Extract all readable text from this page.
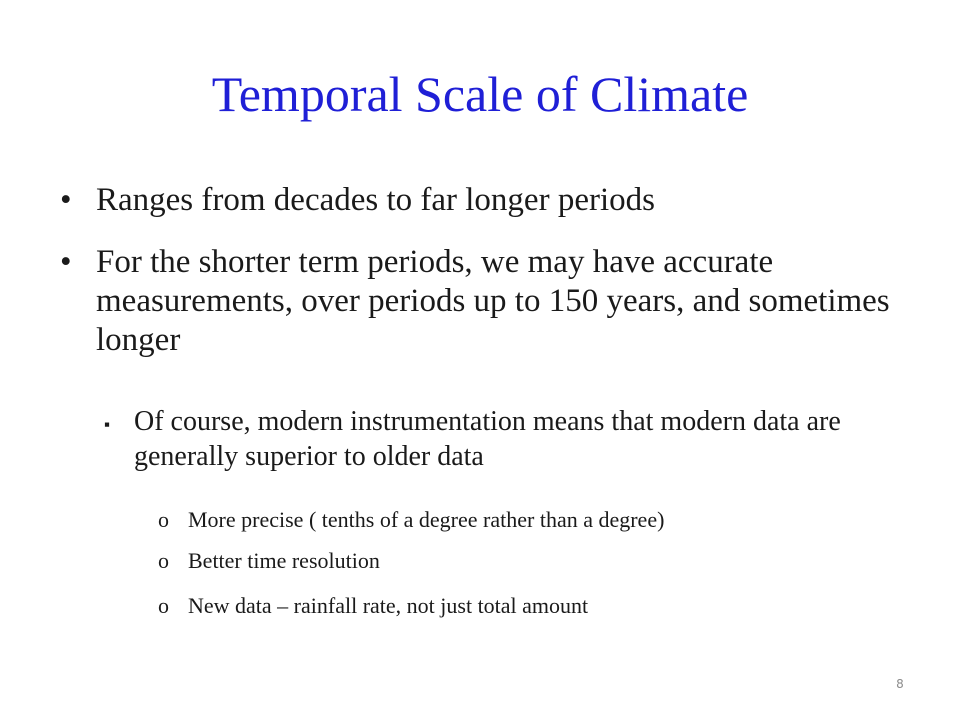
Temporal Scale of Climate
• Ranges from decades to far longer periods
• For the shorter term periods, we may have accurate measurements, over periods up to 150 years, and sometimes longer
▪ Of course, modern instrumentation means that modern data are generally superior to older data
o More precise ( tenths of a degree rather than a degree)
o Better time resolution
o New data – rainfall rate, not just total amount
8
